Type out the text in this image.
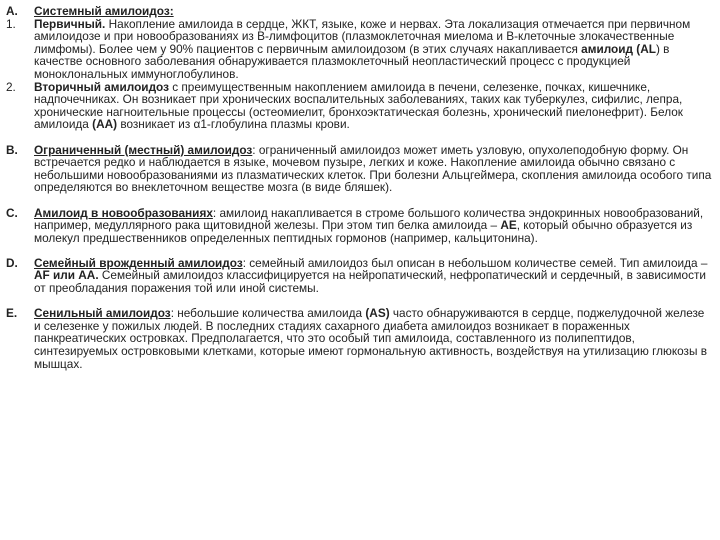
А. Системный амилоидоз:
1. Первичный. Накопление амилоида в сердце, ЖКТ, языке, коже и нервах. Эта локализация отмечается при первичном амилоидозе и при новообразованиях из В-лимфоцитов (плазмоклеточная миелома и В-клеточные злокачественные лимфомы). Более чем у 90% пациентов с первичным амилоидозом (в этих случаях накапливается амилоид (AL) в качестве основного заболевания обнаруживается плазмоклеточный неопластический процесс с продукцией моноклональных иммуноглобулинов.
2. Вторичный амилоидоз с преимущественным накоплением амилоида в печени, селезенке, почках, кишечнике, надпочечниках. Он возникает при хронических воспалительных заболеваниях, таких как туберкулез, сифилис, лепра, хронические нагноительные процессы (остеомиелит, бронхоэктатическая болезнь, хронический пиелонефрит). Белок амилоида (АА) возникает из α1-глобулина плазмы крови.
В. Ограниченный (местный) амилоидоз: ограниченный амилоидоз может иметь узловую, опухолеподобную форму. Он встречается редко и наблюдается в языке, мочевом пузыре, легких и коже. Накопление амилоида обычно связано с небольшими новообразованиями из плазматических клеток. При болезни Альцгеймера, скопления амилоида особого типа определяются во внеклеточном веществе мозга (в виде бляшек).
С. Амилоид в новообразованиях: амилоид накапливается в строме большого количества эндокринных новообразований, например, медуллярного рака щитовидной железы. При этом тип белка амилоида – АЕ, который обычно образуется из молекул предшественников определенных пептидных гормонов (например, кальцитонина).
D. Семейный врожденный амилоидоз: семейный амилоидоз был описан в небольшом количестве семей. Тип амилоида – AF или АА. Семейный амилоидоз классифицируется на нейропатический, нефропатический и сердечный, в зависимости от преобладания поражения той или иной системы.
Е. Сенильный амилоидоз: небольшие количества амилоида (AS) часто обнаруживаются в сердце, поджелудочной железе и селезенке у пожилых людей. В последних стадиях сахарного диабета амилоидоз возникает в пораженных панкреатических островках. Предполагается, что это особый тип амилоида, составленного из полипептидов, синтезируемых островковыми клетками, которые имеют гормональную активность, воздействуя на утилизацию глюкозы в мышцах.
